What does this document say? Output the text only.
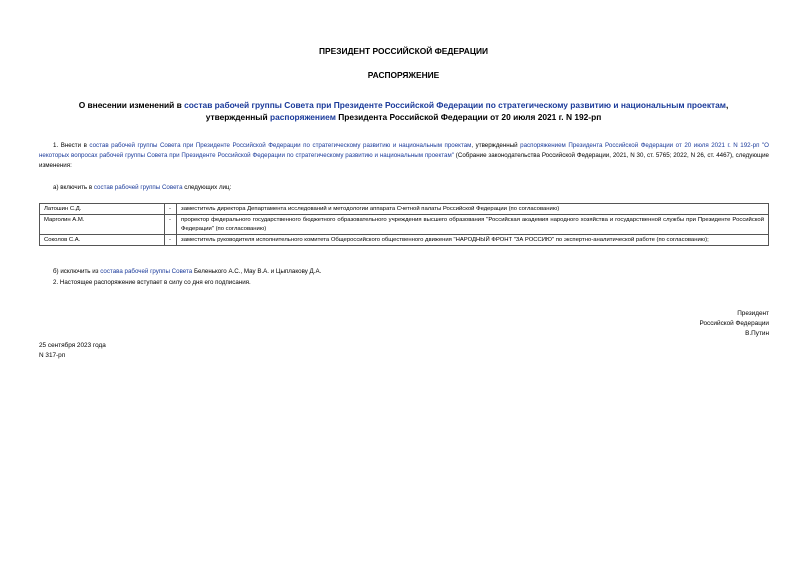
ПРЕЗИДЕНТ РОССИЙСКОЙ ФЕДЕРАЦИИ
РАСПОРЯЖЕНИЕ
О внесении изменений в состав рабочей группы Совета при Президенте Российской Федерации по стратегическому развитию и национальным проектам,
утвержденный распоряжением Президента Российской Федерации от 20 июля 2021 г. N 192-рп
1. Внести в состав рабочей группы Совета при Президенте Российской Федерации по стратегическому развитию и национальным проектам, утвержденный распоряжением Президента Российской Федерации от 20 июля 2021 г. N 192-рп "О некоторых вопросах рабочей группы Совета при Президенте Российской Федерации по стратегическому развитию и национальным проектам" (Собрание законодательства Российской Федерации, 2021, N 30, ст. 5765; 2022, N 26, ст. 4467), следующие изменения:
а) включить в состав рабочей группы Совета следующих лиц:
Латошин С.Д.	-	заместитель директора Департамента исследований и методологии аппарата Счетной палаты Российской Федерации (по согласованию)
Марголин А.М.	-	проректор федерального государственного бюджетного образовательного учреждения высшего образования "Российская академия народного хозяйства и государственной службы при Президенте Российской Федерации" (по согласованию)
Соколов С.А.	-	заместитель руководителя исполнительного комитета Общероссийского общественного движения "НАРОДНЫЙ ФРОНТ "ЗА РОССИЮ" по экспертно-аналитической работе (по согласованию);
б) исключить из состава рабочей группы Совета Беленького А.С., Мау В.А. и Цыплакову Д.А.
2. Настоящее распоряжение вступает в силу со дня его подписания.
Президент
Российской Федерации
В.Путин
25 сентября 2023 года
N 317-рп
